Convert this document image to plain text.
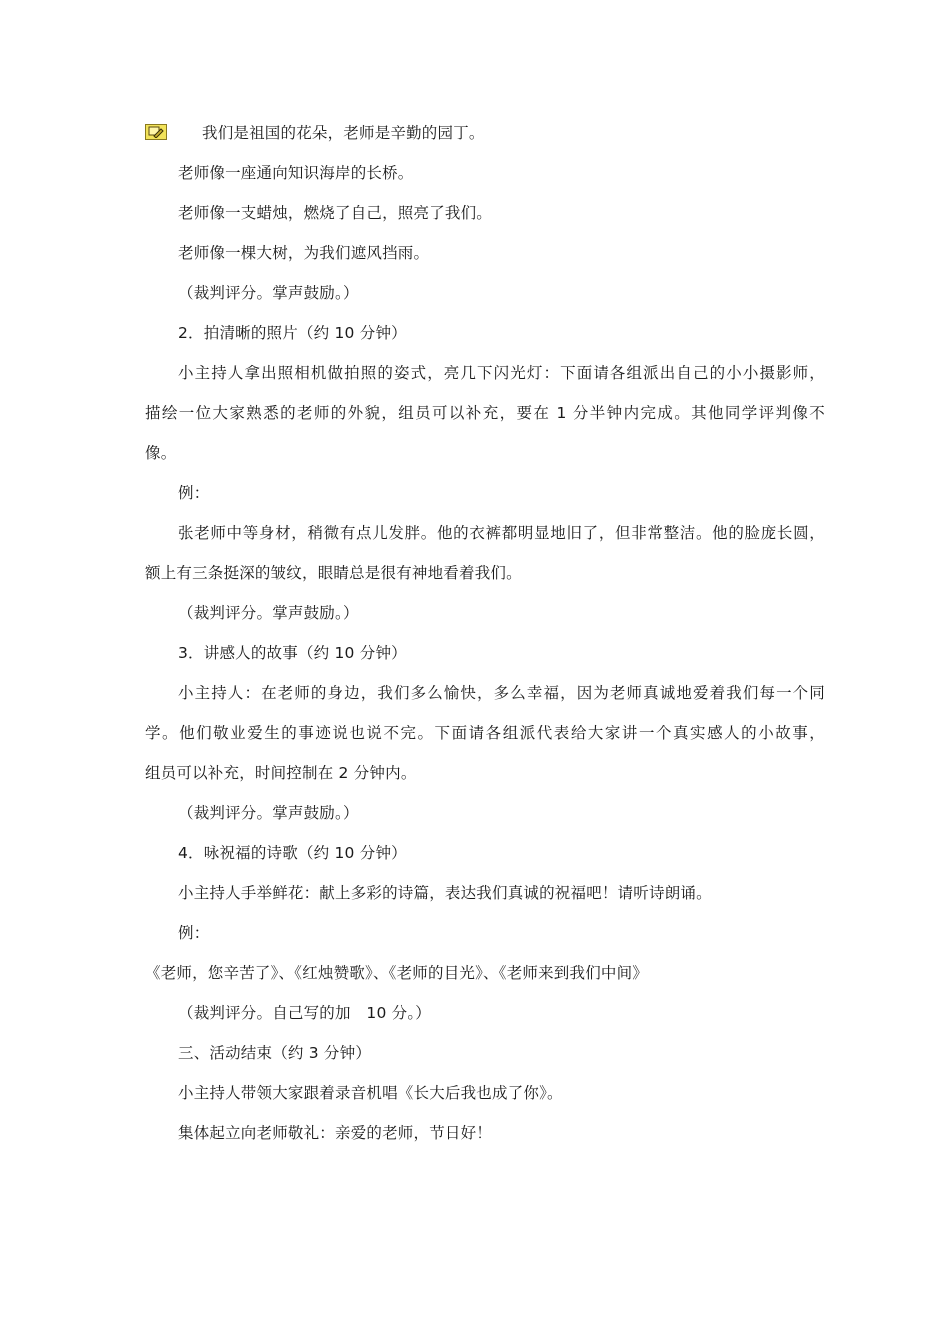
我们是祖国的花朵，老师是辛勤的园丁。
老师像一座通向知识海岸的长桥。
老师像一支蜡烛，燃烧了自己，照亮了我们。
老师像一棵大树，为我们遮风挡雨。
（裁判评分。掌声鼓励。）
2．拍清晰的照片（约 10 分钟）
小主持人拿出照相机做拍照的姿式，亮几下闪光灯：下面请各组派出自己的小小摄影师，
描绘一位大家熟悉的老师的外貌，组员可以补充，要在 1 分半钟内完成。其他同学评判像不
像。
例：
张老师中等身材，稍微有点儿发胖。他的衣裤都明显地旧了，但非常整洁。他的脸庞长圆，
额上有三条挺深的皱纹，眼睛总是很有神地看着我们。
（裁判评分。掌声鼓励。）
3．讲感人的故事（约 10 分钟）
小主持人：在老师的身边，我们多么愉快，多么幸福，因为老师真诚地爱着我们每一个同
学。他们敬业爱生的事迹说也说不完。下面请各组派代表给大家讲一个真实感人的小故事，
组员可以补充，时间控制在 2 分钟内。
（裁判评分。掌声鼓励。）
4．咏祝福的诗歌（约 10 分钟）
小主持人手举鲜花：献上多彩的诗篇，表达我们真诚的祝福吧！请听诗朗诵。
例：
《老师，您辛苦了》、《红烛赞歌》、《老师的目光》、《老师来到我们中间》
（裁判评分。自己写的加　10 分。）
三、活动结束（约 3 分钟）
小主持人带领大家跟着录音机唱《长大后我也成了你》。
集体起立向老师敬礼：亲爱的老师，节日好！
